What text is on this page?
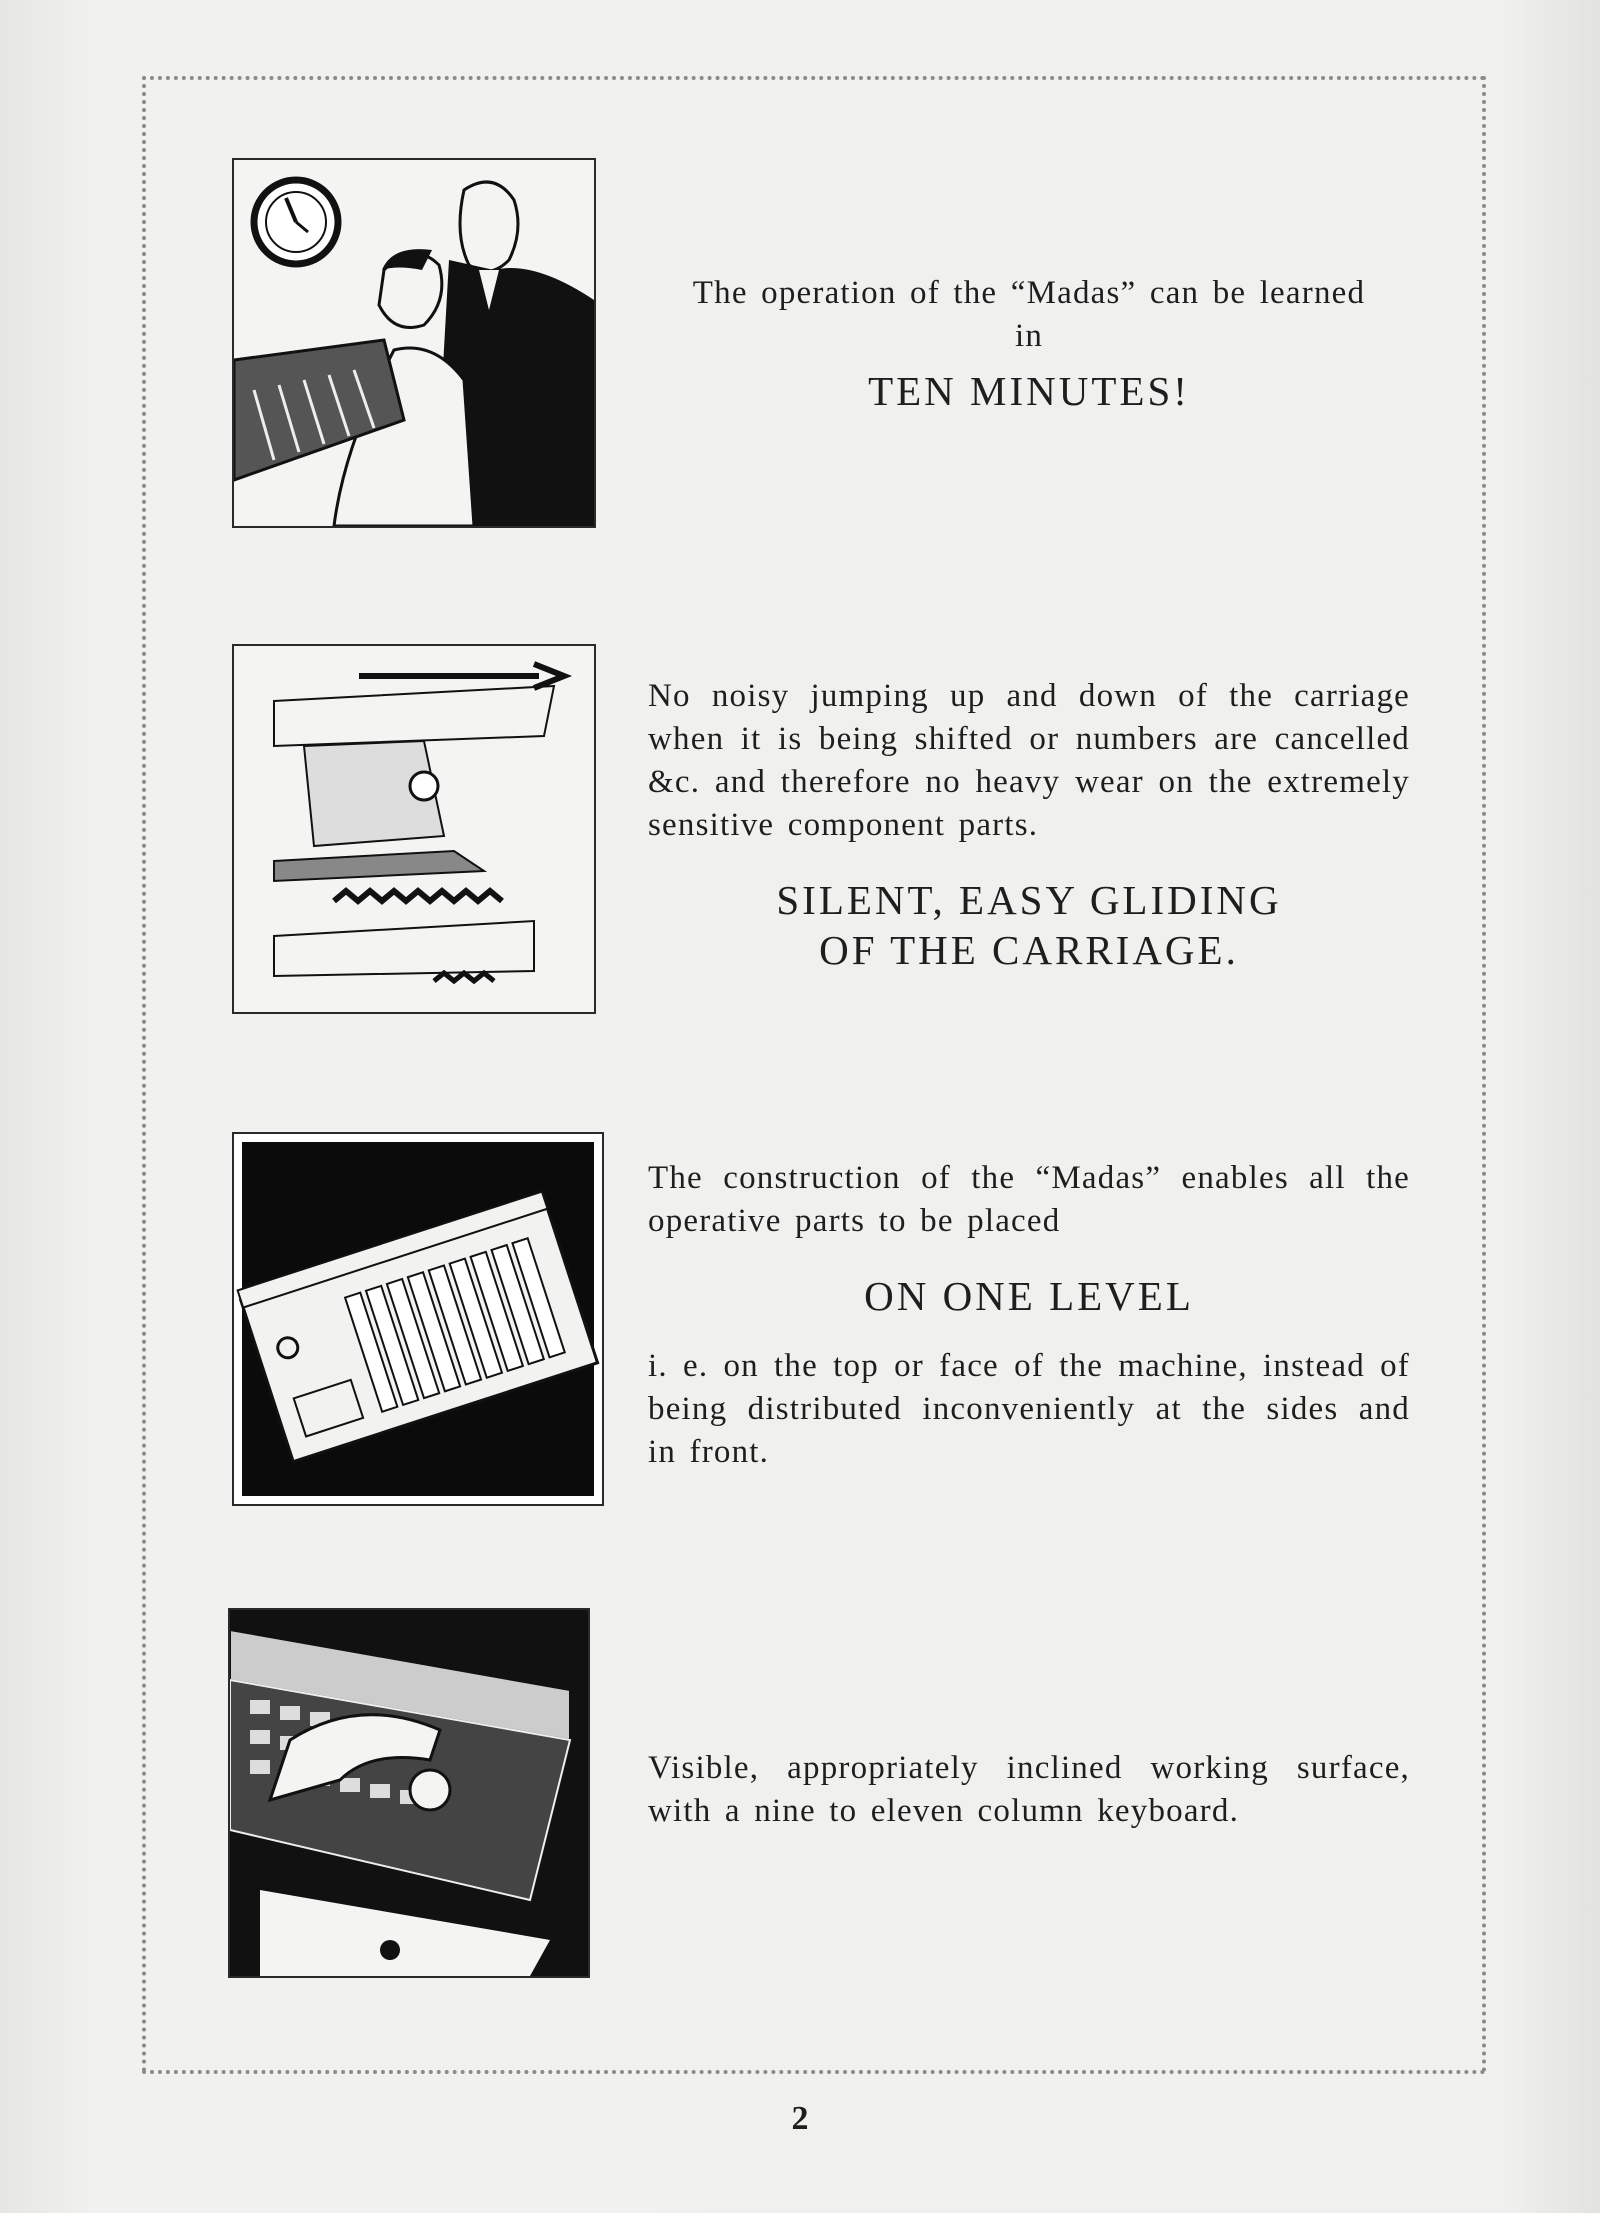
The operation of the “Madas” can be learned
in
TEN MINUTES!
No noisy jumping up and down of the carriage when it is being shifted or numbers are cancelled &c. and therefore no heavy wear on the extremely sensitive component parts.
SILENT, EASY GLIDING
OF THE CARRIAGE.
The construction of the “Madas” enables all the operative parts to be placed
ON ONE LEVEL
i. e. on the top or face of the machine, instead of being distributed inconveniently at the sides and in front.
Visible, appropriately inclined working surface, with a nine to eleven column keyboard.
2
